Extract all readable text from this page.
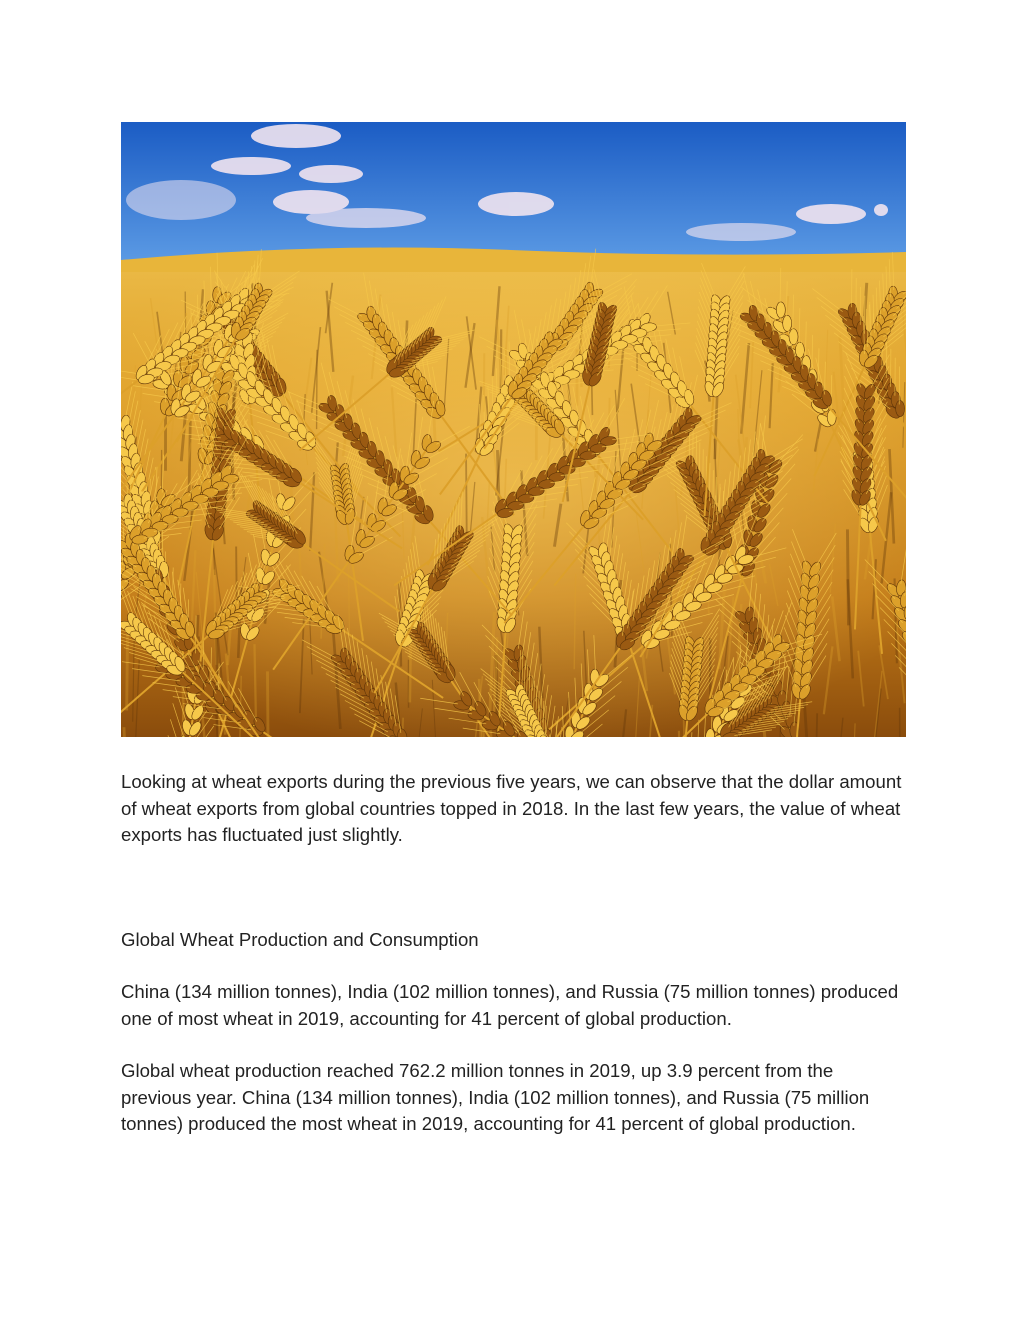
Looking at wheat exports during the previous five years, we can observe that the dollar amount of wheat exports from global countries topped in 2018. In the last few years, the value of wheat exports has fluctuated just slightly.

Global Wheat Production and Consumption

China (134 million tonnes), India (102 million tonnes), and Russia (75 million tonnes) produced one of most wheat in 2019, accounting for 41 percent of global production.

Global wheat production reached 762.2 million tonnes in 2019, up 3.9 percent from the previous year. China (134 million tonnes), India (102 million tonnes), and Russia (75 million tonnes) produced the most wheat in 2019, accounting for 41 percent of global production.
